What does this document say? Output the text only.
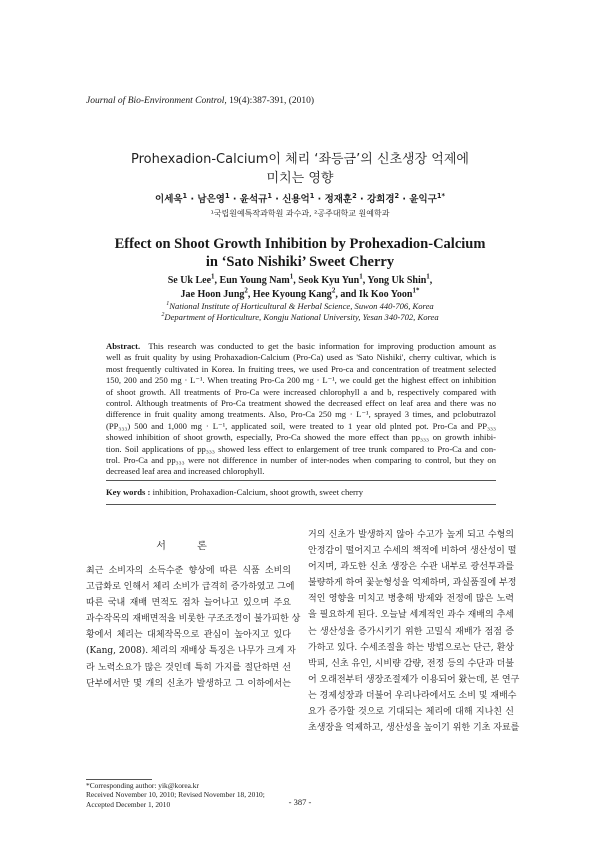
Journal of Bio-Environment Control, 19(4):387-391, (2010)
Prohexadion-Calcium이 체리 ‘좌등금’의 신초생장 억제에
미치는 영향
이세욱$^1$ · 남은영$^1$ · 윤석규$^1$ · 신용억$^1$ · 정재훈$^2$ · 강희경$^2$ · 윤익구$^{1*}$
¹국립원예특작과학원 과수과, ²공주대학교 원예학과
Effect on Shoot Growth Inhibition by Prohexadion-Calcium
in ‘Sato Nishiki’ Sweet Cherry
Se Uk Lee$^1$, Eun Young Nam$^1$, Seok Kyu Yun$^1$, Yong Uk Shin$^1$,
Jae Hoon Jung$^2$, Hee Kyoung Kang$^2$, and Ik Koo Yoon$^{1*}$
$^1$National Institute of Horticultural & Herbal Science, Suwon 440-706, Korea
$^2$Department of Horticulture, Kongju National University, Yesan 340-702, Korea
Abstract. This research was conducted to get the basic information for improving production amount as
well as fruit quality by using Prohaxadion-Calcium (Pro-Ca) used as 'Sato Nishiki', cherry cultivar, which is
most frequently cultivated in Korea. In fruiting trees, we used Pro-ca and concentration of treatment selected
150, 200 and 250 mg · L⁻¹. When treating Pro-Ca 200 mg · L⁻¹, we could get the highest effect on inhibition
of shoot growth. All treatments of Pro-Ca were increased chlorophyll a and b, respectively compared with
control. Although treatments of Pro-Ca treatment showed the decreased effect on leaf area and there was no
difference in fruit quality among treatments. Also, Pro-Ca 250 mg · L⁻¹, sprayed 3 times, and pclobutrazol
(PP₃₃₃) 500 and 1,000 mg · L⁻¹, applicated soil, were treated to 1 year old plnted pot. Pro-Ca and PP₃₃₃
showed inhibition of shoot growth, especially, Pro-Ca showed the more effect than pp₃₃₃ on growth inhibi-
tion. Soil applications of pp₃₃₃ showed less effect to enlargement of tree trunk compared to Pro-Ca and con-
trol. Pro-Ca and pp₃₃₃ were not difference in number of inter-nodes when comparing to control, but they on
decreased leaf area and increased chlorophyll.
Key words : inhibition, Prohaxadion-Calcium, shoot growth, sweet cherry
서 론
최근 소비자의 소득수준 향상에 따른 식품 소비의
고급화로 인해서 체리 소비가 급격히 증가하였고 그에
따른 국내 재배 면적도 점차 늘어나고 있으며 주요
과수작목의 재배면적을 비롯한 구조조정이 불가피한 상
황에서 체리는 대체작목으로 관심이 높아지고 있다
(Kang, 2008). 체리의 재배상 특징은 나무가 크게 자
라 노력소요가 많은 것인데 특히 가지를 절단하면 선
단부에서만 몇 개의 신초가 발생하고 그 이하에서는
거의 신초가 발생하지 않아 수고가 높게 되고 수형의
안정감이 떨어지고 수세의 책적에 비하여 생산성이 떨
어지며, 과도한 신초 생장은 수관 내부로 광선투과를
불량하게 하여 꽃눈형성을 억제하며, 과실품질에 부정
적인 영향을 미치고 병충해 방제와 전정에 많은 노력
을 필요하게 된다. 오늘날 세계적인 과수 재배의 추세
는 생산성을 증가시키기 위한 고밀식 재배가 점점 증
가하고 있다. 수세조절을 하는 방법으로는 단근, 환상
박피, 신초 유인, 시비량 감량, 전정 등의 수단과 더불
어 오래전부터 생장조절제가 이용되어 왔는데, 본 연구
는 경제성장과 더불어 우리나라에서도 소비 및 재배수
요가 증가할 것으로 기대되는 체리에 대해 지나친 신
초생장을 억제하고, 생산성을 높이기 위한 기초 자료를
*Corresponding author: yik@korea.kr
Received November 10, 2010; Revised November 18, 2010;
Accepted December 1, 2010	- 387 -
